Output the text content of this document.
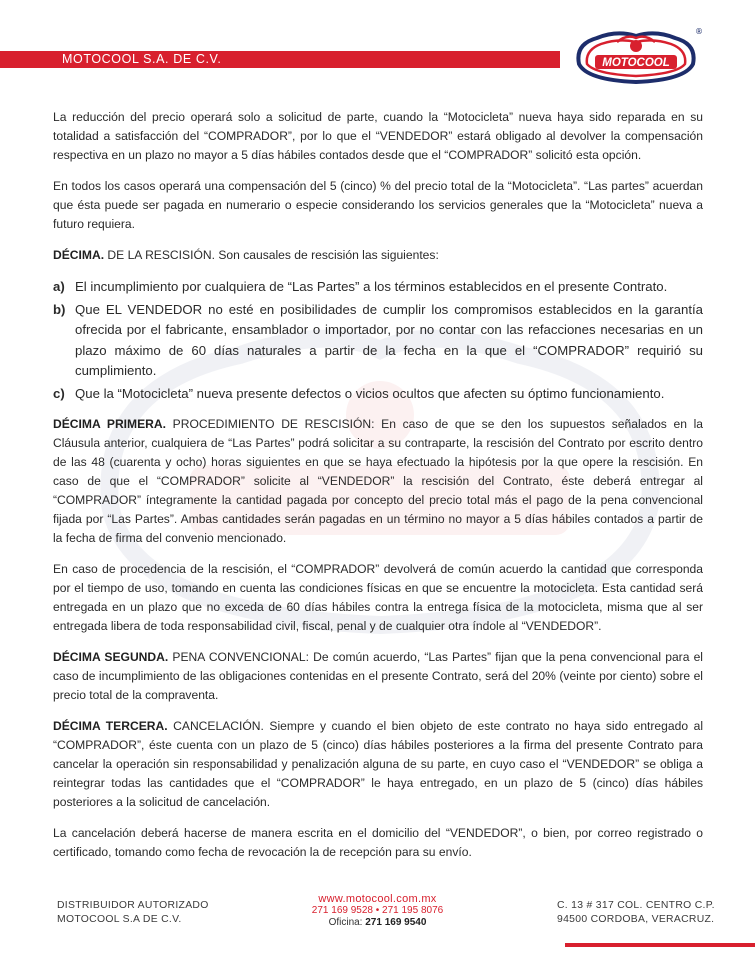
MOTOCOOL S.A. DE C.V.	MOTOCOOL
®

La reducción del precio operará solo a solicitud de parte, cuando la “Motocicleta” nueva haya sido reparada en su totalidad a satisfacción del “COMPRADOR”, por lo que el “VENDEDOR” estará obligado al devolver la compensación respectiva en un plazo no mayor a 5 días hábiles contados desde que el “COMPRADOR” solicitó esta opción.

En todos los casos operará una compensación del 5 (cinco) % del precio total de la “Motocicleta”. “Las partes” acuerdan que ésta puede ser pagada en numerario o especie considerando los servicios generales que la “Motocicleta” nueva a futuro requiera.

DÉCIMA. DE LA RESCISIÓN. Son causales de rescisión las siguientes:

a) El incumplimiento por cualquiera de “Las Partes” a los términos establecidos en el presente Contrato.
b) Que EL VENDEDOR no esté en posibilidades de cumplir los compromisos establecidos en la garantía ofrecida por el fabricante, ensamblador o importador, por no contar con las refacciones necesarias en un plazo máximo de 60 días naturales a partir de la fecha en la que el “COMPRADOR” requirió su cumplimiento.
c) Que la “Motocicleta” nueva presente defectos o vicios ocultos que afecten su óptimo funcionamiento.

DÉCIMA PRIMERA. PROCEDIMIENTO DE RESCISIÓN: En caso de que se den los supuestos señalados en la Cláusula anterior, cualquiera de “Las Partes” podrá solicitar a su contraparte, la rescisión del Contrato por escrito dentro de las 48 (cuarenta y ocho) horas siguientes en que se haya efectuado la hipótesis por la que opere la rescisión. En caso de que el “COMPRADOR” solicite al “VENDEDOR” la rescisión del Contrato, éste deberá entregar al “COMPRADOR” íntegramente la cantidad pagada por concepto del precio total más el pago de la pena convencional fijada por “Las Partes”. Ambas cantidades serán pagadas en un término no mayor a 5 días hábiles contados a partir de la fecha de firma del convenio mencionado.

En caso de procedencia de la rescisión, el “COMPRADOR” devolverá de común acuerdo la cantidad que corresponda por el tiempo de uso, tomando en cuenta las condiciones físicas en que se encuentre la motocicleta. Esta cantidad será entregada en un plazo que no exceda de 60 días hábiles contra la entrega física de la motocicleta, misma que al ser entregada libera de toda responsabilidad civil, fiscal, penal y de cualquier otra índole al “VENDEDOR”.

DÉCIMA SEGUNDA. PENA CONVENCIONAL: De común acuerdo, “Las Partes” fijan que la pena convencional para el caso de incumplimiento de las obligaciones contenidas en el presente Contrato, será del 20% (veinte por ciento) sobre el precio total de la compraventa.

DÉCIMA TERCERA. CANCELACIÓN. Siempre y cuando el bien objeto de este contrato no haya sido entregado al “COMPRADOR”, éste cuenta con un plazo de 5 (cinco) días hábiles posteriores a la firma del presente Contrato para cancelar la operación sin responsabilidad y penalización alguna de su parte, en cuyo caso el “VENDEDOR” se obliga a reintegrar todas las cantidades que el “COMPRADOR” le haya entregado, en un plazo de 5 (cinco) días hábiles posteriores a la solicitud de cancelación.

La cancelación deberá hacerse de manera escrita en el domicilio del “VENDEDOR”, o bien, por correo registrado o certificado, tomando como fecha de revocación la de recepción para su envío.

DISTRIBUIDOR AUTORIZADO
MOTOCOOL S.A DE C.V.
www.motocool.com.mx
271 169 9528 • 271 195 8076
Oficina: 271 169 9540
C. 13 # 317 COL. CENTRO C.P.
94500 CORDOBA, VERACRUZ.
